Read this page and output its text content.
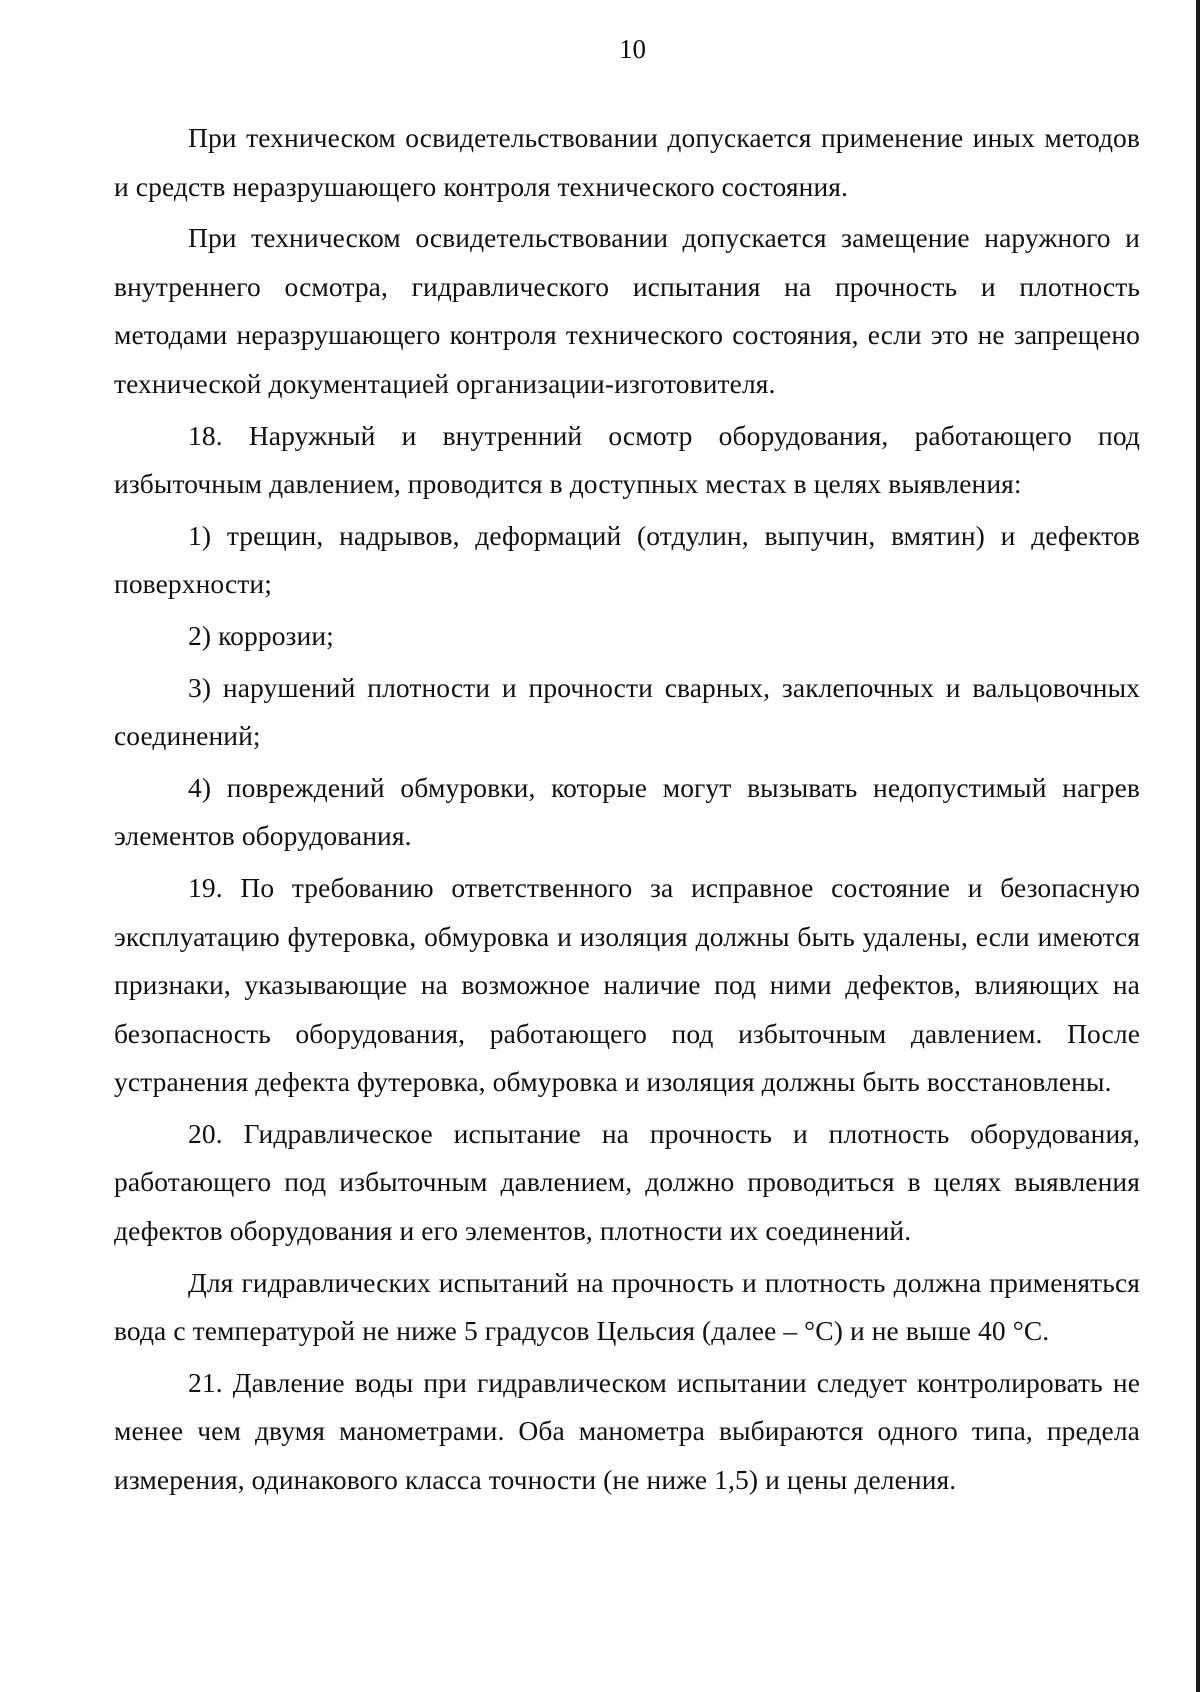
10

При техническом освидетельствовании допускается применение иных методов и средств неразрушающего контроля технического состояния.

При техническом освидетельствовании допускается замещение наружного и внутреннего осмотра, гидравлического испытания на прочность и плотность методами неразрушающего контроля технического состояния, если это не запрещено технической документацией организации-изготовителя.

18. Наружный и внутренний осмотр оборудования, работающего под избыточным давлением, проводится в доступных местах в целях выявления:

1) трещин, надрывов, деформаций (отдулин, выпучин, вмятин) и дефектов поверхности;

2) коррозии;

3) нарушений плотности и прочности сварных, заклепочных и вальцовочных соединений;

4) повреждений обмуровки, которые могут вызывать недопустимый нагрев элементов оборудования.

19. По требованию ответственного за исправное состояние и безопасную эксплуатацию футеровка, обмуровка и изоляция должны быть удалены, если имеются признаки, указывающие на возможное наличие под ними дефектов, влияющих на безопасность оборудования, работающего под избыточным давлением. После устранения дефекта футеровка, обмуровка и изоляция должны быть восстановлены.

20. Гидравлическое испытание на прочность и плотность оборудования, работающего под избыточным давлением, должно проводиться в целях выявления дефектов оборудования и его элементов, плотности их соединений.

Для гидравлических испытаний на прочность и плотность должна применяться вода с температурой не ниже 5 градусов Цельсия (далее – °С) и не выше 40 °С.

21. Давление воды при гидравлическом испытании следует контролировать не менее чем двумя манометрами. Оба манометра выбираются одного типа, предела измерения, одинакового класса точности (не ниже 1,5) и цены деления.
